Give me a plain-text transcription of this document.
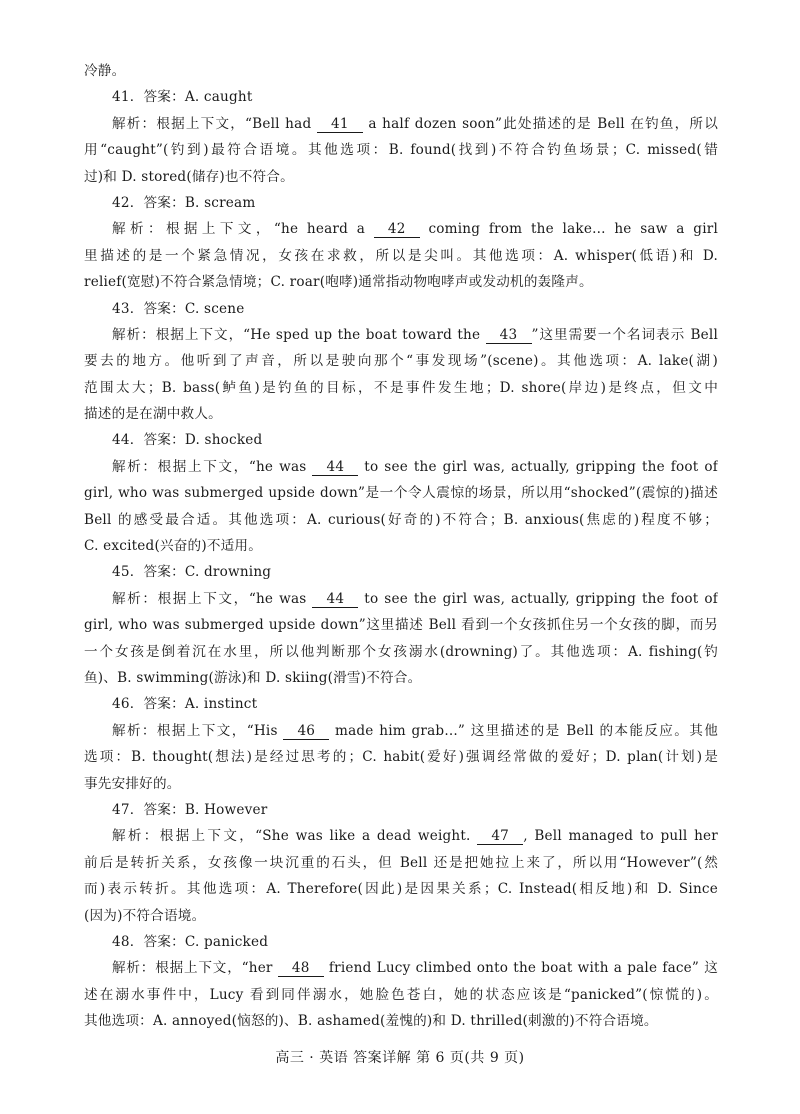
冷静。
41．答案：A. caught
解析：根据上下文，“Bell had 41 a half dozen soon”此处描述的是 Bell 在钓鱼，所以
用“caught”(钓到)最符合语境。其他选项：B. found(找到)不符合钓鱼场景；C. missed(错
过)和 D. stored(储存)也不符合。
42．答案：B. scream
解析：根据上下文，“he heard a 42 coming from the lake... he saw a girl
里描述的是一个紧急情况，女孩在求救，所以是尖叫。其他选项：A. whisper(低语)和 D.
relief(宽慰)不符合紧急情境；C. roar(咆哮)通常指动物咆哮声或发动机的轰隆声。
43．答案：C. scene
解析：根据上下文，“He sped up the boat toward the 43 ”这里需要一个名词表示 Bell
要去的地方。他听到了声音，所以是驶向那个“事发现场”(scene)。其他选项：A. lake(湖)
范围太大；B. bass(鲈鱼)是钓鱼的目标，不是事件发生地；D. shore(岸边)是终点，但文中
描述的是在湖中救人。
44．答案：D. shocked
解析：根据上下文，“he was 44 to see the girl was, actually, gripping the foot of
girl, who was submerged upside down”是一个令人震惊的场景，所以用“shocked”(震惊的)描述
Bell 的感受最合适。其他选项：A. curious(好奇的)不符合；B. anxious(焦虑的)程度不够；
C. excited(兴奋的)不适用。
45．答案：C. drowning
解析：根据上下文，“he was 44 to see the girl was, actually, gripping the foot of
girl, who was submerged upside down”这里描述 Bell 看到一个女孩抓住另一个女孩的脚，而另
一个女孩是倒着沉在水里，所以他判断那个女孩溺水(drowning)了。其他选项：A. fishing(钓
鱼)、B. swimming(游泳)和 D. skiing(滑雪)不符合。
46．答案：A. instinct
解析：根据上下文，“His 46 made him grab...” 这里描述的是 Bell 的本能反应。其他
选项：B. thought(想法)是经过思考的；C. habit(爱好)强调经常做的爱好；D. plan(计划)是
事先安排好的。
47．答案：B. However
解析：根据上下文，“She was like a dead weight. 47 , Bell managed to pull her
前后是转折关系，女孩像一块沉重的石头，但 Bell 还是把她拉上来了，所以用“However”(然
而)表示转折。其他选项：A. Therefore(因此)是因果关系；C. Instead(相反地)和 D. Since
(因为)不符合语境。
48．答案：C. panicked
解析：根据上下文，“her 48 friend Lucy climbed onto the boat with a pale face” 这
述在溺水事件中，Lucy 看到同伴溺水，她脸色苍白，她的状态应该是“panicked”(惊慌的)。
其他选项：A. annoyed(恼怒的)、B. ashamed(羞愧的)和 D. thrilled(刺激的)不符合语境。
高三 · 英语 答案详解 第 6 页(共 9 页)
